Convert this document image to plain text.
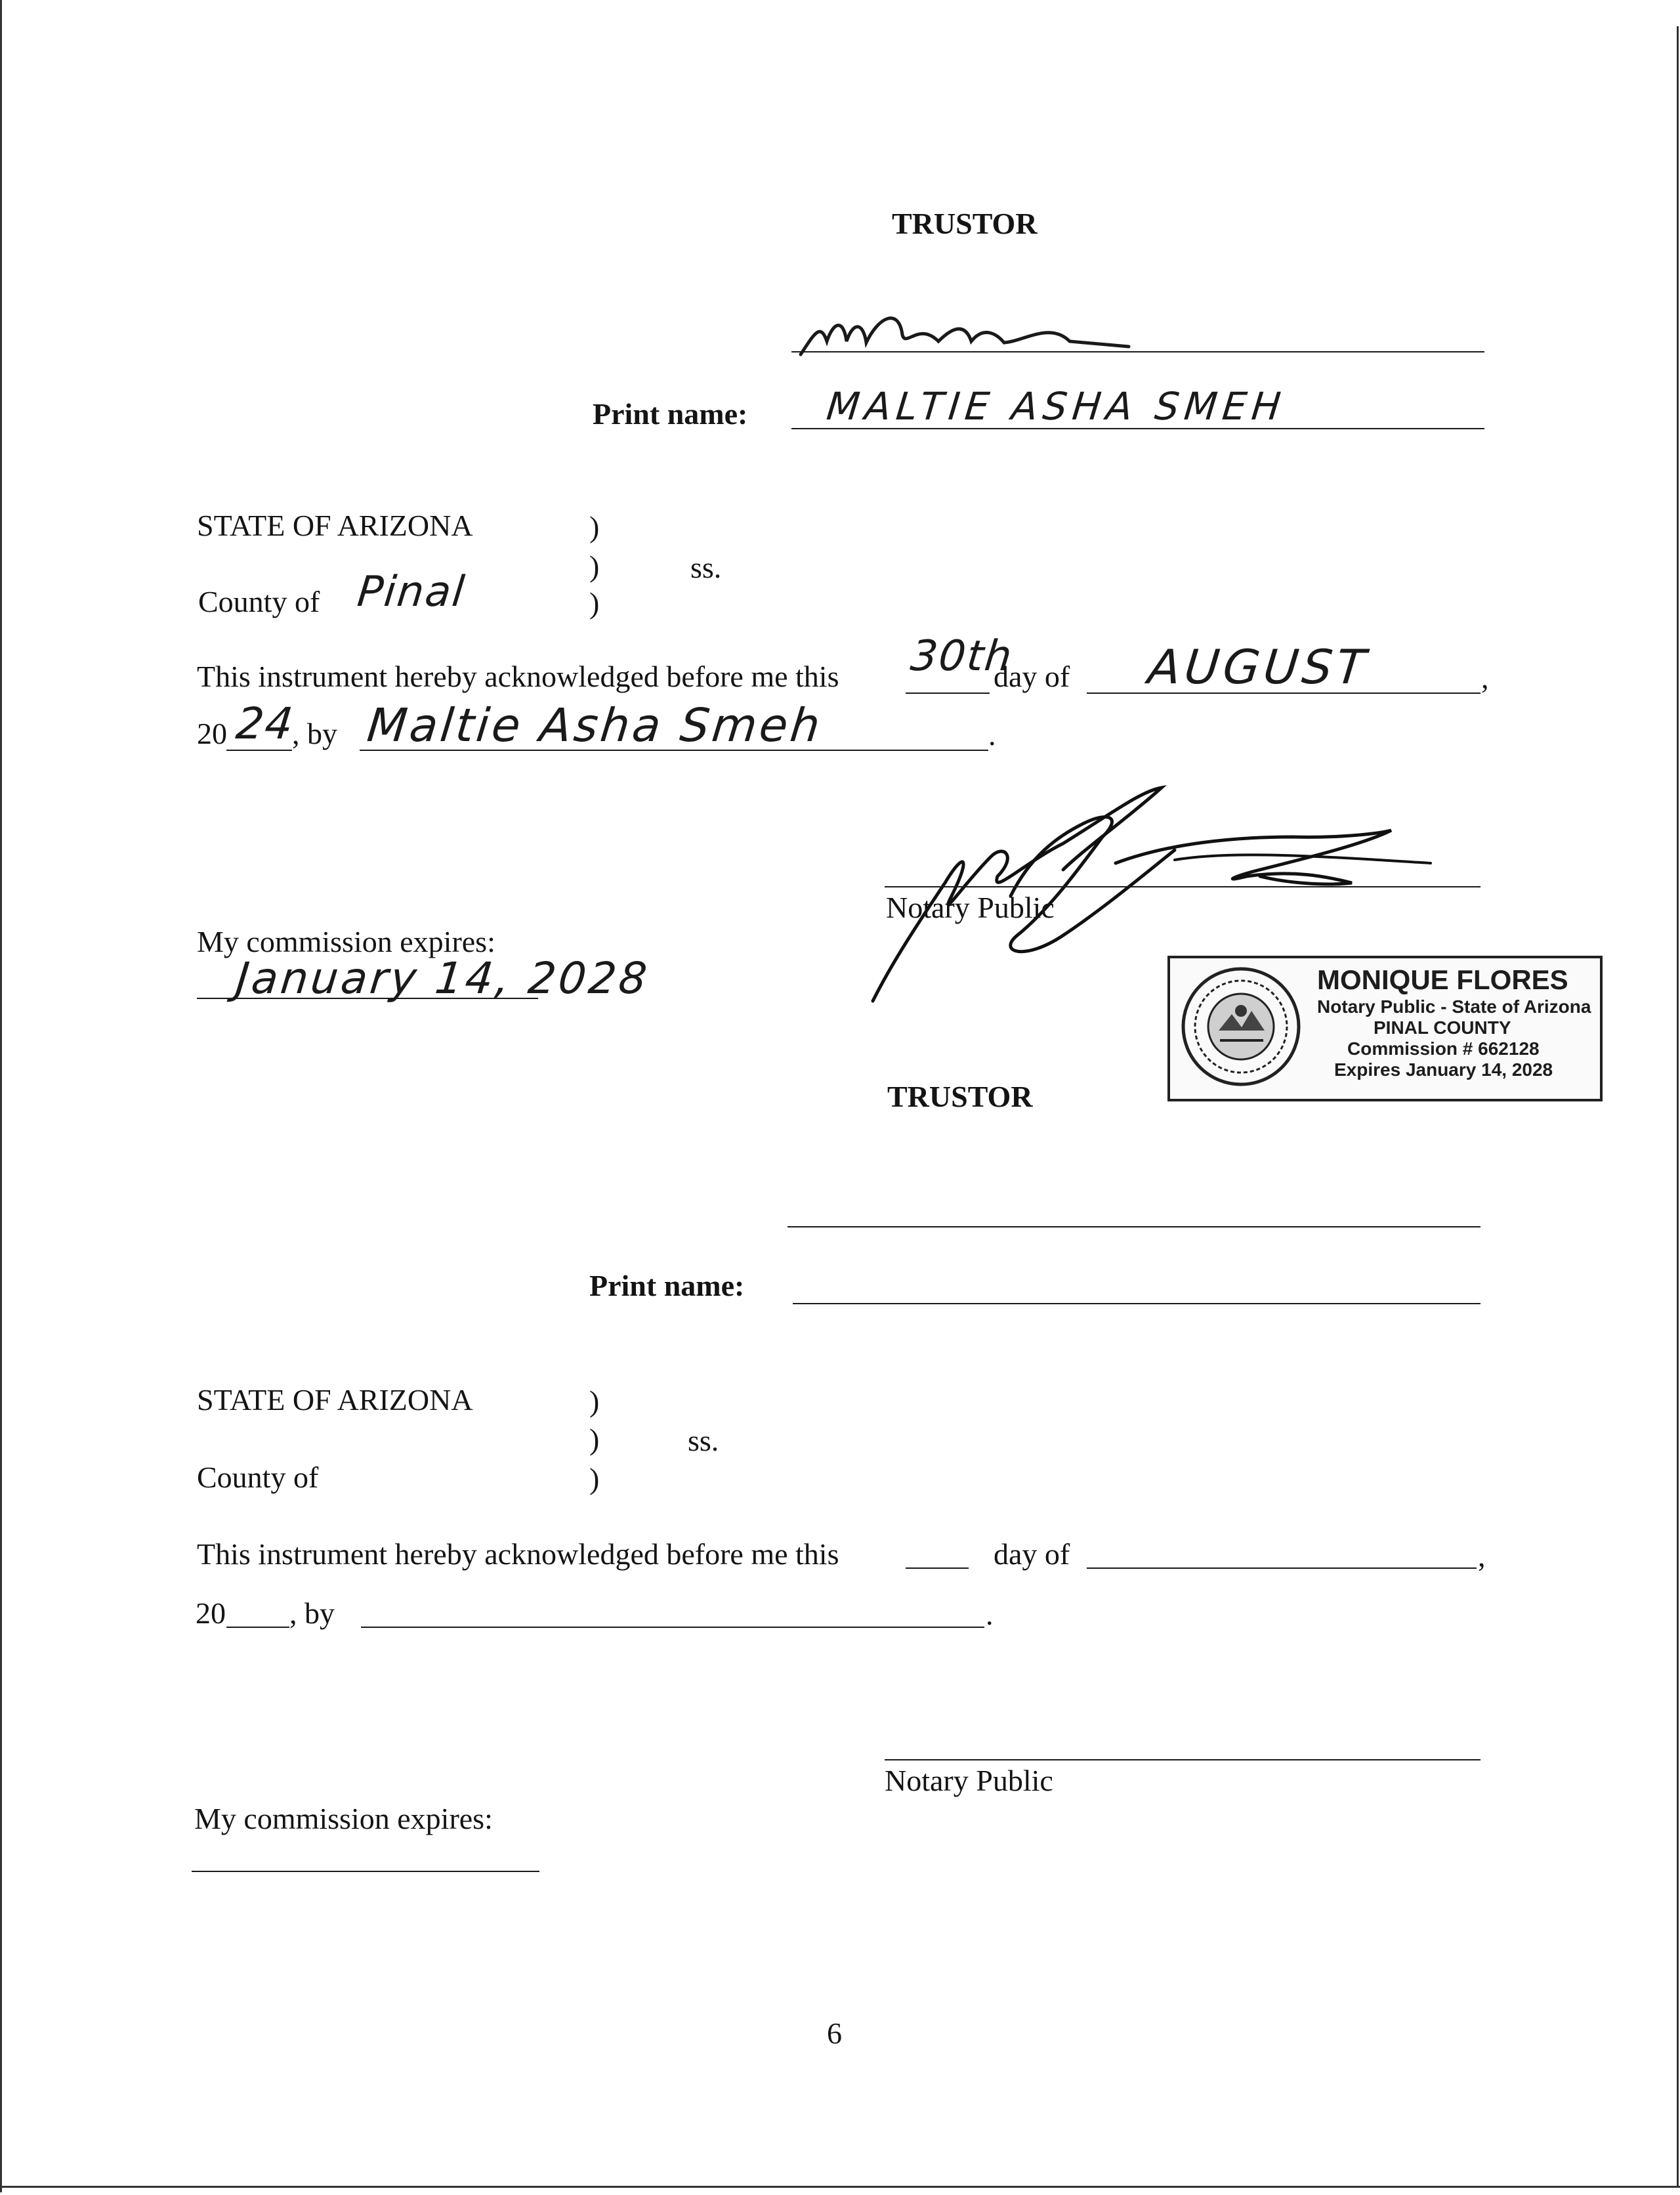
TRUSTOR
Print name: MALTIE ASHA SMEH
STATE OF ARIZONA	)
)	ss.
County of Pinal	)
This instrument hereby acknowledged before me this 30th
day of AUGUST	,
20 24
, by Maltie Asha Smeh	.
Notary Public
My commission expires:
January 14, 2028	MONIQUE FLORES
Notary Public - State of Arizona
PINAL COUNTY
Commission # 662128
Expires January 14, 2028
TRUSTOR
Print name:
STATE OF ARIZONA	)
)	ss.
County of	)
This instrument hereby acknowledged before me this	day of	,
20 , by	.
Notary Public
My commission expires:
6
